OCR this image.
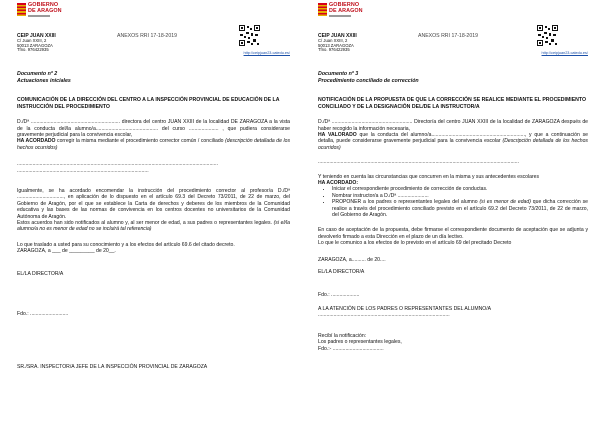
GOBIERNO
DE ARAGON
CEIP JUAN XXIII
C/ Juan XXIII, 2
50013 ZARAGOZA
Tfno. 976422935
ANEXOS RRI 17-18-2019
http://ceipjuan23.catedu.es/
Documento nº 2
Actuaciones iniciales
COMUNICACIÓN DE LA DIRECCIÓN DEL CENTRO A LA INSPECCIÓN PROVINCIAL DE EDUCACIÓN DE LA INSTRUCCIÓN DEL PROCEDIMIENTO
D./Dª ............................................................... directora del centro JUAN XXIII de la localidad DE ZARAGOZA a la vista de la conducta del/la alumno/a............................................ del curso ..................... , que pudiera considerarse gravemente perjudicial para la convivencia escolar,
HA ACORDADO corregir la misma mediante el procedimiento corrector común / conciliado (descripción detallada de los hechos ocurridos)
..............................................................................................................................................
.............................................................................................
Igualmente, se ha acordado encomendar la instrucción del procedimiento corrector al profesor/a D./Dª ................................., en aplicación de lo dispuesto en el artículo 69.3 del Decreto 73/2011, de 22 de marzo, del Gobierno de Aragón, por el que se establece la Carta de derechos y deberes de los miembros de la Comunidad educativa y las bases de las normas de convivencia en los centros docentes no universitarios de la Comunidad Autónoma de Aragón.
Estos acuerdos han sido notificados al alumno y, al ser menor de edad, a sus padres o representantes legales. (si el/la alumno/a no es menor de edad no se incluirá tal referencia)
Lo que traslado a usted para su conocimiento y a los efectos del artículo 69.6 del citado decreto.
ZARAGOZA, a ___ de _________ de 20__.
EL/LA DIRECTOR/A
Fdo.: ...........................
SR./SRA. INSPECTOR/A JEFE DE LA INSPECCIÓN PROVINCIAL DE ZARAGOZA
GOBIERNO
DE ARAGON
CEIP JUAN XXIII
C/ Juan XXIII, 2
50013 ZARAGOZA
Tfno. 976422935
ANEXOS RRI 17-18-2019
http://ceipjuan23.catedu.es/
Documento nº 3
Procedimiento conciliado de corrección
NOTIFICACIÓN DE LA PROPUESTA DE QUE LA CORRECCIÓN SE REALICE MEDIANTE EL PROCEDIMIENTO CONCILIADO Y DE LA DESIGNACIÓN DEL/DE LA INSTRUCTOR/A
D./Dª ......................................................... Director/a del centro JUAN XXIII de la localidad de ZARAGOZA después de haber recogido la información necesaria,
HA VALORADO que la conducta del alumno/a.................................................................., y que a continuación se detalla, puede considerarse gravemente perjudicial para la convivencia escolar (Descripción detallada de los hechos ocurridos)
..............................................................................................................................................
Y teniendo en cuenta las circunstancias que concurren en la misma y sus antecedentes escolares
HA ACORDADO:
• Iniciar el correspondiente procedimiento de corrección de conductas.
• Nombrar instructor/a a D./Dª ......................
• PROPONER a los padres o representantes legales del alumno (si es menor de edad) que dicha corrección se realice a través del procedimiento conciliado previsto en el artículo 69.2 del Decreto 73/2011, de 22 de marzo, del Gobierno de Aragón.
En caso de aceptación de la propuesta, debe firmarse el correspondiente documento de aceptación que se adjunta y devolverlo firmado a esta Dirección en el plazo de un día lectivo.
Lo que le comunico a los efectos de lo previsto en el artículo 69 del precitado Decreto
ZARAGOZA, a.......... de 20....
EL/LA DIRECTOR/A
Fdo.: ....................
A LA ATENCIÓN DE LOS PADRES O REPRESENTANTES DEL ALUMNO/A
.............................................................................................
Recibí la notificación:
Los padres o representantes legales,
Fdo.:- ....................................
